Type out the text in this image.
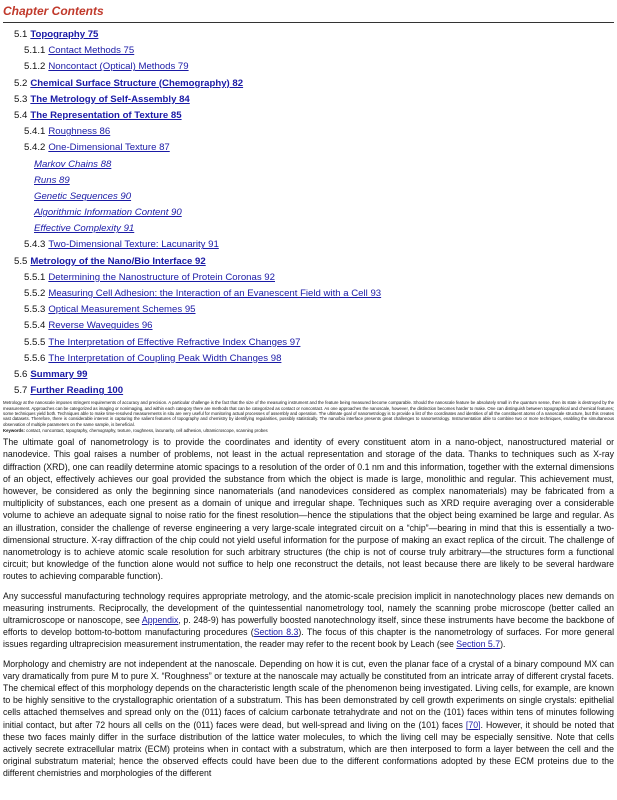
Chapter Contents
5.1 Topography 75
5.1.1 Contact Methods 75
5.1.2 Noncontact (Optical) Methods 79
5.2 Chemical Surface Structure (Chemography) 82
5.3 The Metrology of Self-Assembly 84
5.4 The Representation of Texture 85
5.4.1 Roughness 86
5.4.2 One-Dimensional Texture 87
Markov Chains 88
Runs 89
Genetic Sequences 90
Algorithmic Information Content 90
Effective Complexity 91
5.4.3 Two-Dimensional Texture: Lacunarity 91
5.5 Metrology of the Nano/Bio Interface 92
5.5.1 Determining the Nanostructure of Protein Coronas 92
5.5.2 Measuring Cell Adhesion: the Interaction of an Evanescent Field with a Cell 93
5.5.3 Optical Measurement Schemes 95
5.5.4 Reverse Waveguides 96
5.5.5 The Interpretation of Effective Refractive Index Changes 97
5.5.6 The Interpretation of Coupling Peak Width Changes 98
5.6 Summary 99
5.7 Further Reading 100
Metrology at the nanoscale imposes stringent requirements of accuracy and precision. A particular challenge is the fact that the size of the measuring instrument and the feature being measured become comparable. Should the nanoscale feature be absolutely small in the quantum sense, then its state is destroyed by the measurement. Approaches can be categorized as imaging or nonimaging, and within each category there are methods that can be categorized as contact or noncontact. As one approaches the nanoscale, however, the distinction becomes harder to make. One can distinguish between topographical and chemical features; some techniques yield both. Techniques able to make time-resolved measurements in situ are very useful for monitoring actual processes of assembly and operation. The ultimate goal of nanometrology is to provide a list of the coordinates and identities of all the constituent atoms of a nanoscale structure, but this creates vast datasets. Therefore, there is considerable interest in capturing the salient features of topography and chemistry by identifying regularities, possibly statistically. The nano/bio interface presents great challenges to nanometrology. Instrumentation able to combine two or more techniques, enabling the simultaneous observation of multiple parameters on the same sample, is beneficial.
Keywords: contact, noncontact, topography, chemography, texture, roughness, lacunarity, cell adhesion, ultramicroscope, scanning probes

The ultimate goal of nanometrology is to provide the coordinates and identity of every constituent atom in a nano-object, nanostructured material or nanodevice. This goal raises a number of problems, not least in the actual representation and storage of the data. Thanks to techniques such as X-ray diffraction (XRD), one can readily determine atomic spacings to a resolution of the order of 0.1 nm and this information, together with the external dimensions of an object, effectively achieves our goal provided the substance from which the object is made is large, monolithic and regular. This achievement must, however, be considered as only the beginning since nanomaterials (and nanodevices considered as complex nanomaterials) may be fabricated from a multiplicity of substances, each one present as a domain of unique and irregular shape. Techniques such as XRD require averaging over a considerable volume to achieve an adequate signal to noise ratio for the finest resolution—hence the stipulations that the object being examined be large and regular. As an illustration, consider the challenge of reverse engineering a very large-scale integrated circuit on a “chip”—bearing in mind that this is essentially a two-dimensional structure. X-ray diffraction of the chip could not yield useful information for the purpose of making an exact replica of the circuit. The challenge of nanometrology is to achieve atomic scale resolution for such arbitrary structures (the chip is not of course truly arbitrary—the structures form a functional circuit; but knowledge of the function alone would not suffice to help one reconstruct the details, not least because there are likely to be several hardware routes to achieving comparable function).

Any successful manufacturing technology requires appropriate metrology, and the atomic-scale precision implicit in nanotechnology places new demands on measuring instruments. Reciprocally, the development of the quintessential nanometrology tool, namely the scanning probe microscope (better called an ultramicroscope or nanoscope, see Appendix, p. 248-9) has powerfully boosted nanotechnology itself, since these instruments have become the backbone of efforts to develop bottom-to-bottom manufacturing procedures (Section 8.3). The focus of this chapter is the nanometrology of surfaces. For more general issues regarding ultraprecision measurement instrumentation, the reader may refer to the recent book by Leach (see Section 5.7).

Morphology and chemistry are not independent at the nanoscale. Depending on how it is cut, even the planar face of a crystal of a binary compound MX can vary dramatically from pure M to pure X. “Roughness” or texture at the nanoscale may actually be constituted from an intricate array of different crystal facets. The chemical effect of this morphology depends on the characteristic length scale of the phenomenon being investigated. Living cells, for example, are known to be highly sensitive to the crystallographic orientation of a substratum. This has been demonstrated by cell growth experiments on single crystals: epithelial cells attached themselves and spread only on the (011) faces of calcium carbonate tetrahydrate and not on the (101) faces within tens of minutes following initial contact, but after 72 hours all cells on the (011) faces were dead, but well-spread and living on the (101) faces [70]. However, it should be noted that these two faces mainly differ in the surface distribution of the lattice water molecules, to which the living cell may be especially sensitive. Note that cells actively secrete extracellular matrix (ECM) proteins when in contact with a substratum, which are then interposed to form a layer between the cell and the original substratum material; hence the observed effects could have been due to the different conformations adopted by these ECM proteins due to the different chemistries and morphologies of the different
